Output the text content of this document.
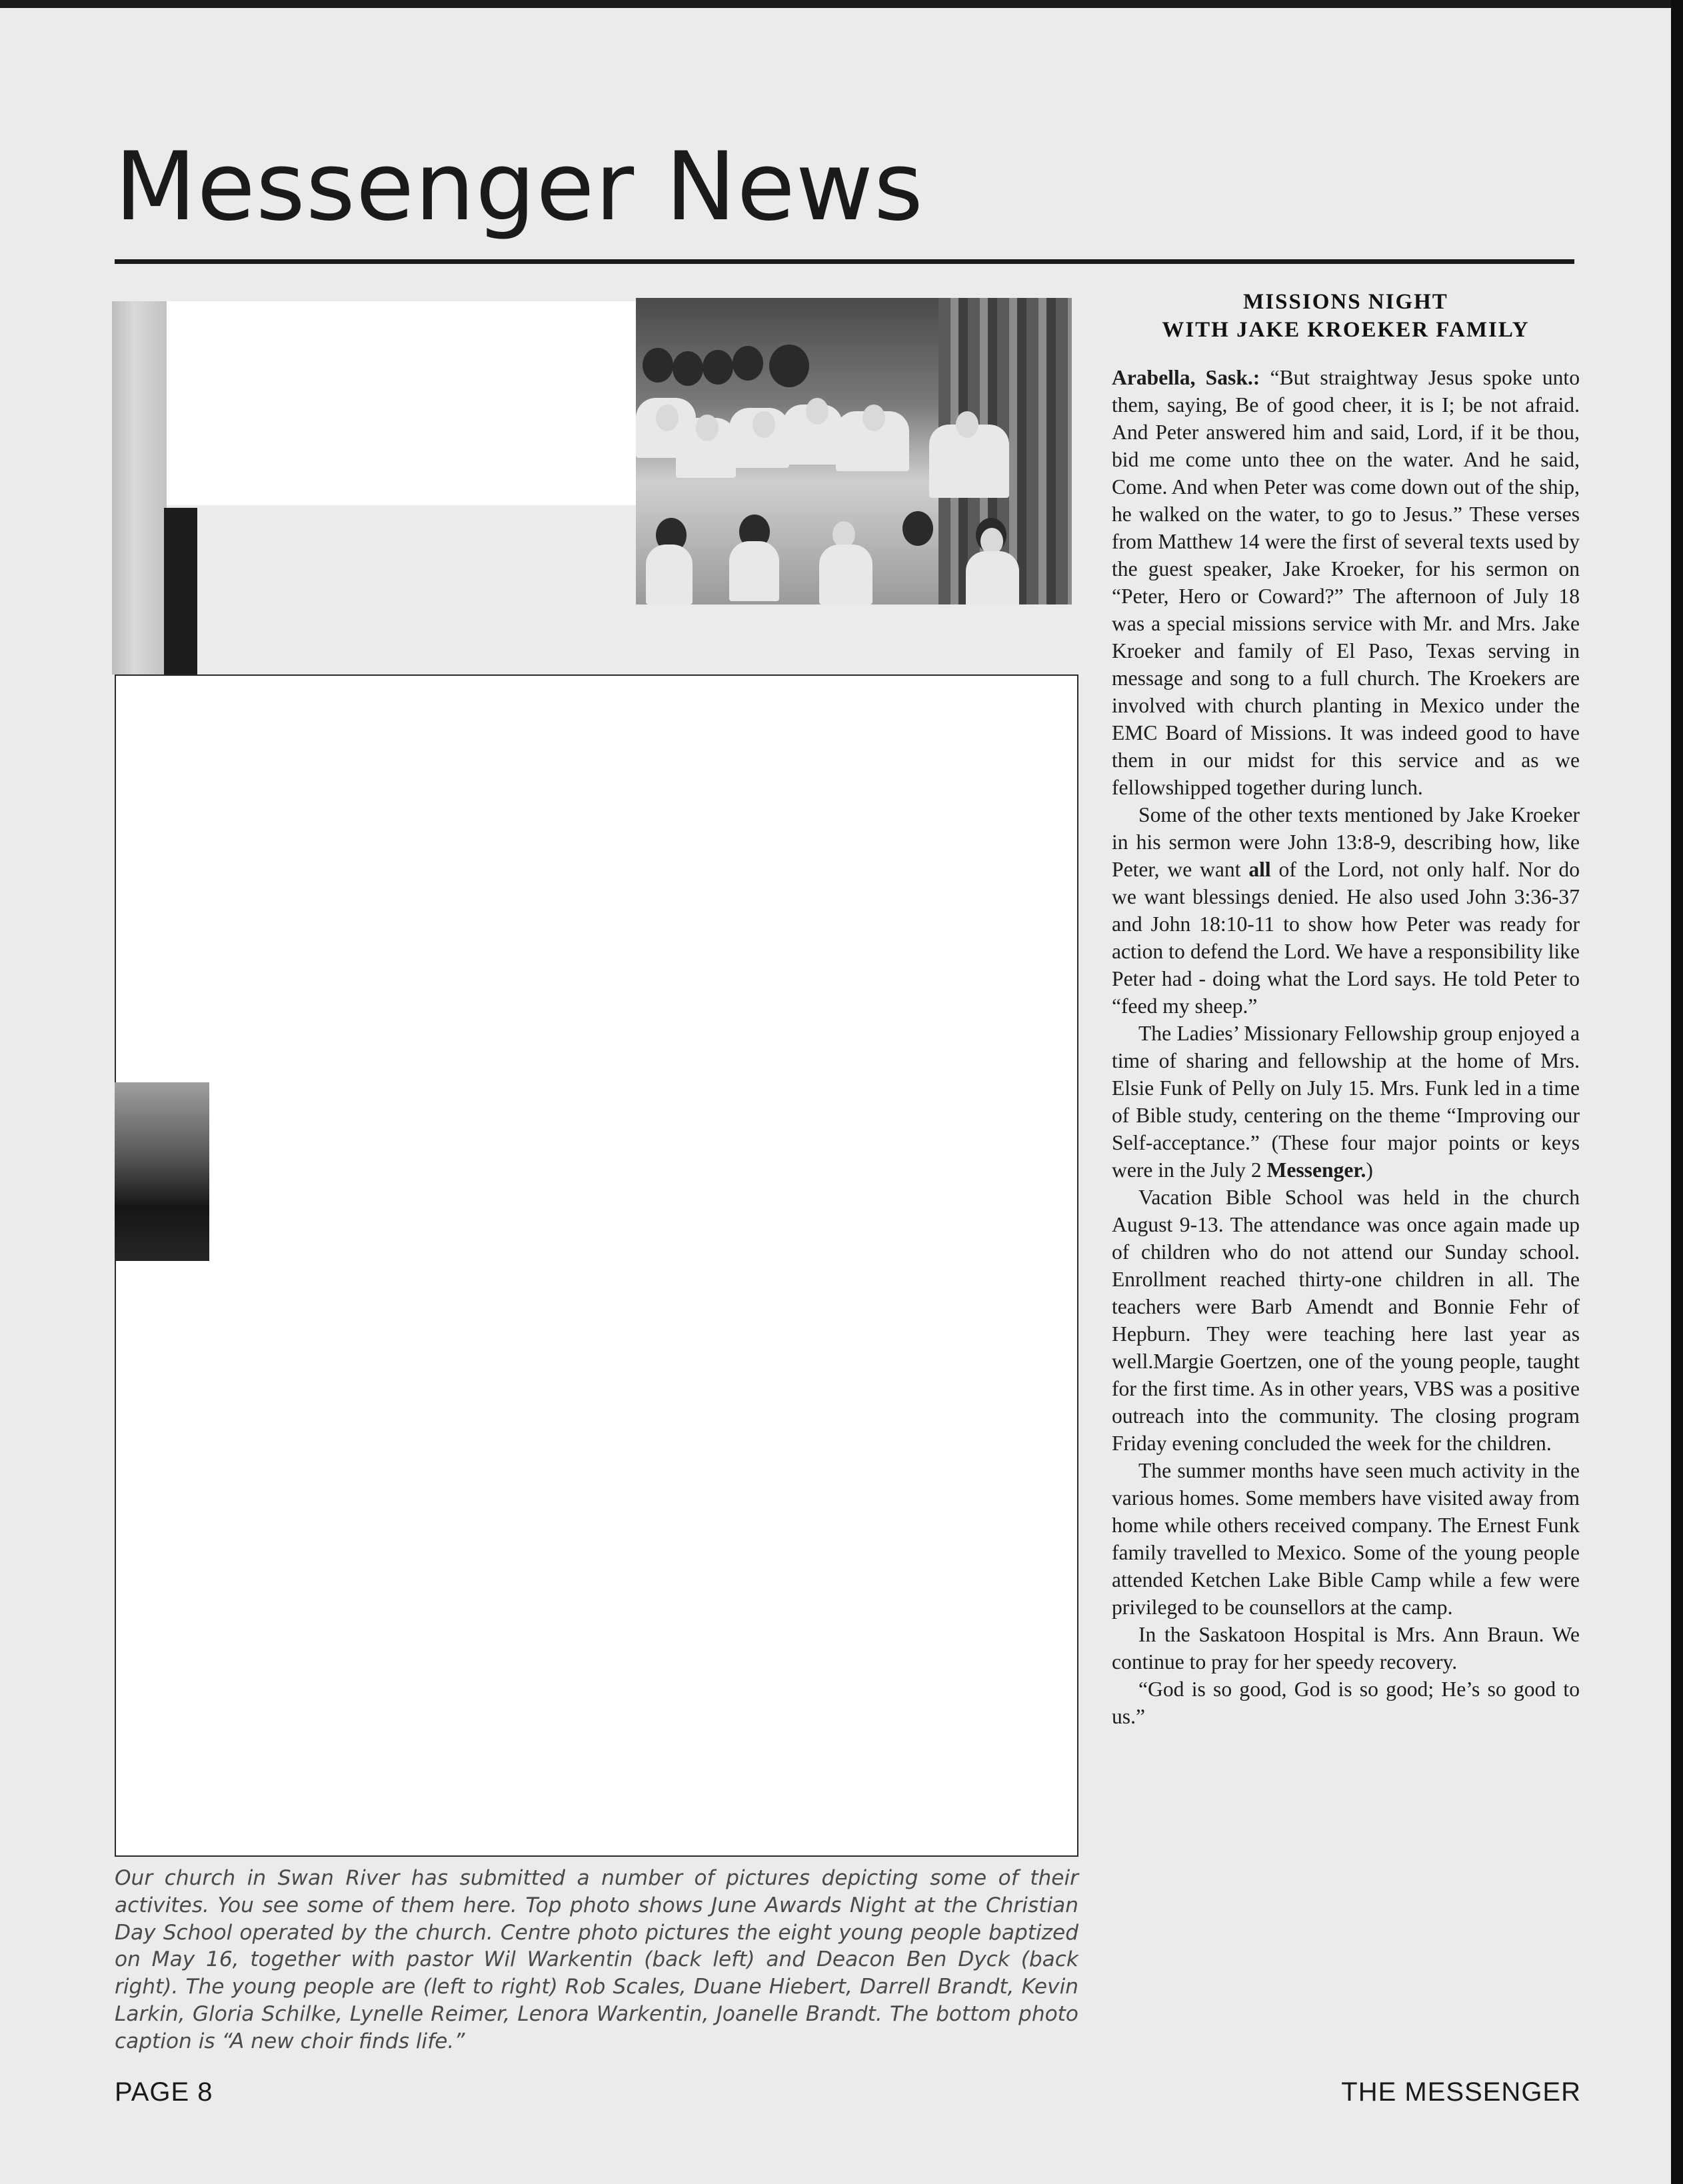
Messenger News

Our church in Swan River has submitted a number of pictures depicting some of their activites. You see some of them here. Top photo shows June Awards Night at the Christian Day School operated by the church. Centre photo pictures the eight young people baptized on May 16, together with pastor Wil Warkentin (back left) and Deacon Ben Dyck (back right). The young people are (left to right) Rob Scales, Duane Hiebert, Darrell Brandt, Kevin Larkin, Gloria Schilke, Lynelle Reimer, Lenora Warkentin, Joanelle Brandt. The bottom photo caption is “A new choir finds life.”

MISSIONS NIGHT
WITH JAKE KROEKER FAMILY

Arabella, Sask.: “But straightway Jesus spoke unto them, saying, Be of good cheer, it is I; be not afraid. And Peter answered him and said, Lord, if it be thou, bid me come unto thee on the water. And he said, Come. And when Peter was come down out of the ship, he walked on the water, to go to Jesus.” These verses from Matthew 14 were the first of several texts used by the guest speaker, Jake Kroeker, for his sermon on “Peter, Hero or Coward?” The afternoon of July 18 was a special missions service with Mr. and Mrs. Jake Kroeker and family of El Paso, Texas serving in message and song to a full church. The Kroekers are involved with church planting in Mexico under the EMC Board of Missions. It was indeed good to have them in our midst for this service and as we fellowshipped together during lunch.

Some of the other texts mentioned by Jake Kroeker in his sermon were John 13:8-9, describing how, like Peter, we want all of the Lord, not only half. Nor do we want blessings denied. He also used John 3:36-37 and John 18:10-11 to show how Peter was ready for action to defend the Lord. We have a responsibility like Peter had - doing what the Lord says. He told Peter to “feed my sheep.”

The Ladies’ Missionary Fellowship group enjoyed a time of sharing and fellowship at the home of Mrs. Elsie Funk of Pelly on July 15. Mrs. Funk led in a time of Bible study, centering on the theme “Improving our Self-acceptance.” (These four major points or keys were in the July 2 Messenger.)

Vacation Bible School was held in the church August 9-13. The attendance was once again made up of children who do not attend our Sunday school. Enrollment reached thirty-one children in all. The teachers were Barb Amendt and Bonnie Fehr of Hepburn. They were teaching here last year as well.Margie Goertzen, one of the young people, taught for the first time. As in other years, VBS was a positive outreach into the community. The closing program Friday evening concluded the week for the children.

The summer months have seen much activity in the various homes. Some members have visited away from home while others received company. The Ernest Funk family travelled to Mexico. Some of the young people attended Ketchen Lake Bible Camp while a few were privileged to be counsellors at the camp.

In the Saskatoon Hospital is Mrs. Ann Braun. We continue to pray for her speedy recovery.

“God is so good, God is so good; He’s so good to us.”

PAGE 8	THE MESSENGER
